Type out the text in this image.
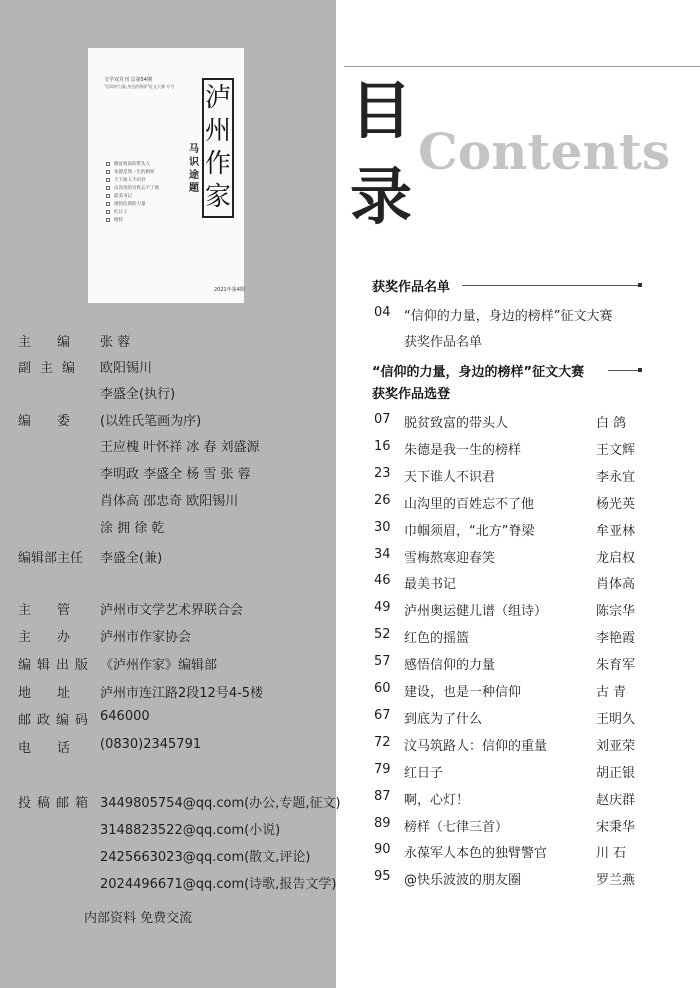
文学双月刊 总第54期
"信仰的力量,身边的榜样"征文大赛 专号 泸
州
作
家
马识途题
脱贫致富的带头人
朱德是我一生的榜样
天下谁人不识君
山沟里的百姓忘不了他
最美书记
感悟信仰的力量
红日子
榜样
2021年第4期
主编 张 蓉
副主编 欧阳锡川
李盛全(执行)
编委 (以姓氏笔画为序)
王应槐 叶怀祥 冰 春 刘盛源
李明政 李盛全 杨 雪 张 蓉
肖体高 邵忠奇 欧阳锡川
涂 拥 徐 乾
编辑部主任 李盛全(兼)
主管 泸州市文学艺术界联合会
主办 泸州市作家协会
编辑出版 《泸州作家》编辑部
地址 泸州市连江路2段12号4-5楼
邮政编码 646000
电话 (0830)2345791
投稿邮箱 3449805754@qq.com(办公,专题,征文)
3148823522@qq.com(小说)
2425663023@qq.com(散文,评论)
2024496671@qq.com(诗歌,报告文学)
内部资料 免费交流
目
录
Contents
获奖作品名单
04 “信仰的力量，身边的榜样”征文大赛
获奖作品名单
“信仰的力量，身边的榜样”征文大赛
获奖作品选登
07 脱贫致富的带头人	白 鸽
16 朱德是我一生的榜样	王文辉
23 天下谁人不识君	李永宜
26 山沟里的百姓忘不了他	杨光英
30 巾帼须眉，“北方”脊梁	牟亚林
34 雪梅熬寒迎春笑	龙启权
46 最美书记	肖体高
49 泸州奥运健儿谱（组诗）	陈宗华
52 红色的摇篮	李艳霞
57 感悟信仰的力量	朱育军
60 建设，也是一种信仰	古 青
67 到底为了什么	王明久
72 汶马筑路人：信仰的重量	刘亚荣
79 红日子	胡正银
87 啊，心灯！	赵庆群
89 榜样（七律三首）	宋秉华
90 永葆军人本色的独臂警官	川 石
95 @快乐波波的朋友圈	罗兰燕
